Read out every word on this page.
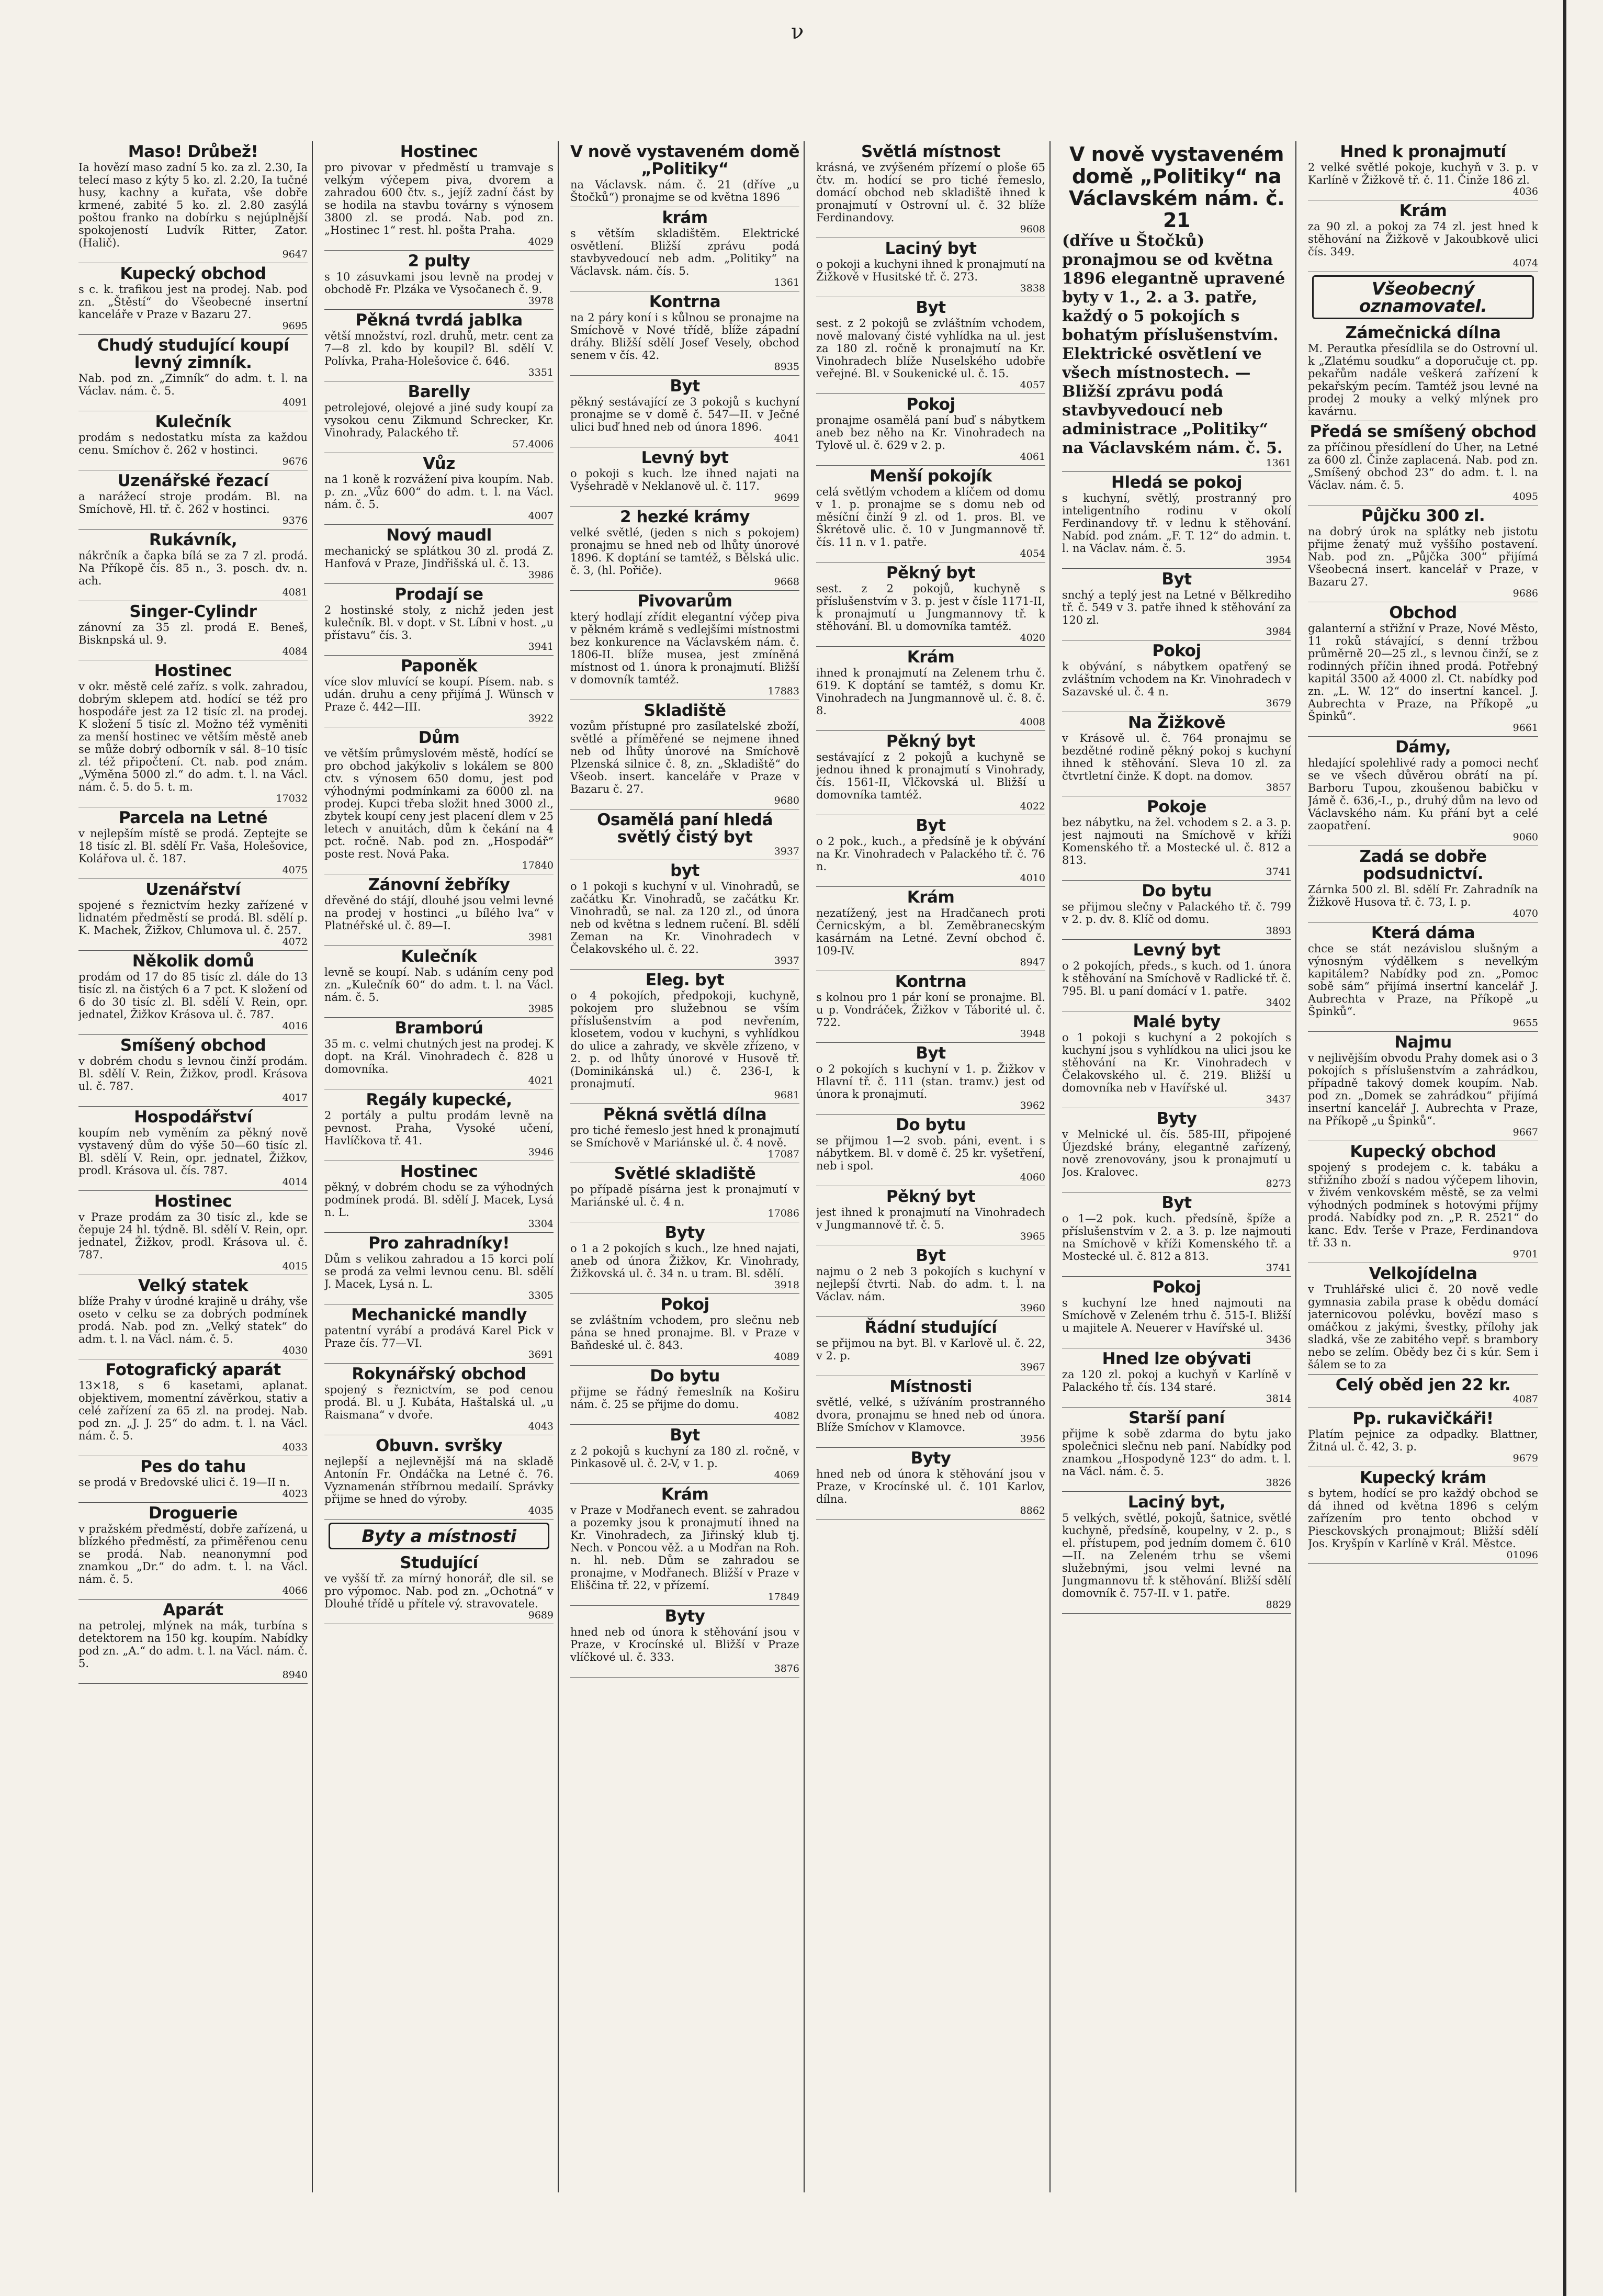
ν
Maso! Drůbež!

Ia hovězí maso zadní 5 ko. za zl. 2.30, Ia telecí maso z kýty 5 ko. zl. 2.20, Ia tučné husy, kachny a kuřata, vše dobře krmené, zabité 5 ko. zl. 2.80 zasýlá poštou franko na dobírku s nejúplnější spokojeností Ludvík Ritter, Zator. (Halič).

9647
Kupecký obchod

s c. k. trafikou jest na prodej. Nab. pod zn. „Štěstí“ do Všeobecné insertní kanceláře v Praze v Bazaru 27.

9695
Chudý studující koupí levný zimník.

Nab. pod zn. „Zimník“ do adm. t. l. na Václav. nám. č. 5.

4091
Kulečník

prodám s nedostatku místa za každou cenu. Smíchov č. 262 v hostinci.

9676
Uzenářské řezací

a narážecí stroje prodám. Bl. na Smíchově, Hl. tř. č. 262 v hostinci.

9376
Rukávník,

nákrčník a čapka bílá se za 7 zl. prodá. Na Příkopě čís. 85 n., 3. posch. dv. n. ach.

4081
Singer-Cylindr

zánovní za 35 zl. prodá E. Beneš, Bisknpská ul. 9.

4084
Hostinec

v okr. městě celé zaříz. s volk. zahradou, dobrým sklepem atd. hodící se též pro hospodáře jest za 12 tisíc zl. na prodej. K složení 5 tisíc zl. Možno též vyměniti za menší hostinec ve větším městě aneb se může dobrý odborník v sál. 8–10 tisíc zl. též připočtení. Ct. nab. pod znám. „Výměna 5000 zl.“ do adm. t. l. na Václ. nám. č. 5. do 5. t. m.

17032
Parcela na Letné

v nejlepším místě se prodá. Zeptejte se 18 tisíc zl. Bl. sdělí Fr. Vaša, Holešovice, Kolářova ul. č. 187.

4075
Uzenářství

spojené s řeznictvím hezky zařízené v lidnatém předměstí se prodá. Bl. sdělí p. K. Machek, Žižkov, Chlumova ul. č. 257.

4072
Několik domů

prodám od 17 do 85 tisíc zl. dále do 13 tisíc zl. na čistých 6 a 7 pct. K složení od 6 do 30 tisíc zl. Bl. sdělí V. Rein, opr. jednatel, Žižkov Krásova ul. č. 787.

4016
Smíšený obchod

v dobrém chodu s levnou činží prodám. Bl. sdělí V. Rein, Žižkov, prodl. Krásova ul. č. 787.

4017
Hospodářství

koupím neb vyměním za pěkný nově vystavený dům do výše 50—60 tisíc zl. Bl. sdělí V. Rein, opr. jednatel, Žižkov, prodl. Krásova ul. čís. 787.

4014
Hostinec

v Praze prodám za 30 tisíc zl., kde se čepuje 24 hl. týdně. Bl. sdělí V. Rein, opr. jednatel, Žižkov, prodl. Krásova ul. č. 787.

4015
Velký statek

blíže Prahy v úrodné krajině u dráhy, vše oseto v celku se za dobrých podmínek prodá. Nab. pod zn. „Velký statek“ do adm. t. l. na Václ. nám. č. 5.

4030
Fotografický aparát

13×18, s 6 kasetami, aplanat. objektivem, momentní závěrkou, stativ a celé zařízení za 65 zl. na prodej. Nab. pod zn. „J. J. 25“ do adm. t. l. na Václ. nám. č. 5.

4033
Pes do tahu

se prodá v Bredovské ulici č. 19—II n.

4023
Droguerie

v pražském předměstí, dobře zařízená, u blízkého předměstí, za přiměřenou cenu se prodá. Nab. neanonymní pod znamkou „Dr.“ do adm. t. l. na Václ. nám. č. 5.

4066
Aparát

na petrolej, mlýnek na mák, turbína s detektorem na 150 kg. koupím. Nabídky pod zn. „A.“ do adm. t. l. na Václ. nám. č. 5.

8940
Hostinec

pro pivovar v předměstí u tramvaje s velkým výčepem piva, dvorem a zahradou 600 čtv. s., jejíž zadní část by se hodila na stavbu továrny s výnosem 3800 zl. se prodá. Nab. pod zn. „Hostinec 1“ rest. hl. pošta Praha.

4029
2 pulty

s 10 zásuvkami jsou levně na prodej v obchodě Fr. Plzáka ve Vysočanech č. 9.

3978
Pěkná tvrdá jablka

větší množství, rozl. druhů, metr. cent za 7—8 zl. kdo by koupil? Bl. sdělí V. Polívka, Praha-Holešovice č. 646.

3351
Barelly

petrolejové, olejové a jiné sudy koupí za vysokou cenu Zikmund Schrecker, Kr. Vinohrady, Palackého tř.

57.4006
Vůz

na 1 koně k rozvážení piva koupím. Nab. p. zn. „Vůz 600“ do adm. t. l. na Václ. nám. č. 5.

4007
Nový maudl

mechanický se splátkou 30 zl. prodá Z. Hanfová v Praze, Jindřišská ul. č. 13.

3986
Prodají se

2 hostinské stoly, z nichž jeden jest kulečník. Bl. v dopt. v St. Líbni v host. „u přístavu“ čís. 3.

3941
Paponěk

více slov mluvící se koupí. Písem. nab. s udán. druhu a ceny přijímá J. Wünsch v Praze č. 442—III.

3922
Dům

ve větším průmyslovém městě, hodící se pro obchod jakýkoliv s lokálem se 800 ctv. s výnosem 650 domu, jest pod výhodnými podmínkami za 6000 zl. na prodej. Kupci třeba složit hned 3000 zl., zbytek koupí ceny jest placení dlem v 25 letech v anuitách, dům k čekání na 4 pct. ročně. Nab. pod zn. „Hospodář“ poste rest. Nová Paka.

17840
Zánovní žebříky

dřevěné do stájí, dlouhé jsou velmi levné na prodej v hostinci „u bílého lva“ v Platnéřské ul. č. 89—I.

3981
Kulečník

levně se koupí. Nab. s udáním ceny pod zn. „Kulečník 60“ do adm. t. l. na Václ. nám. č. 5.

3985
Bramború

35 m. c. velmi chutných jest na prodej. K dopt. na Král. Vinohradech č. 828 u domovníka.

4021
Regály kupecké,

2 portály a pultu prodám levně na pevnost. Praha, Vysoké učení, Havlíčkova tř. 41.

3946
Hostinec

pěkný, v dobrém chodu se za výhodných podmínek prodá. Bl. sdělí J. Macek, Lysá n. L.

3304
Pro zahradníky!

Dům s velikou zahradou a 15 korci polí se prodá za velmi levnou cenu. Bl. sdělí J. Macek, Lysá n. L.

3305
Mechanické mandly

patentní vyrábí a prodává Karel Pick v Praze čís. 77—VI.

3691
Rokynářský obchod

spojený s řeznictvím, se pod cenou prodá. Bl. u J. Kubáta, Haštalská ul. „u Raismana“ v dvoře.

4043
Obuvn. svršky

nejlepší a nejlevnější má na skladě Antonín Fr. Ondáčka na Letné č. 76. Vyznamenán stříbrnou medailí. Správky přijme se hned do výroby.

4035
Byty a místnosti
Studující

ve vyšší tř. za mírný honorář, dle sil. se pro výpomoc. Nab. pod zn. „Ochotná“ v Dlouhé třídě u přítele vý. stravovatele.

9689
V nově vystaveném domě „Politiky“

na Václavsk. nám. č. 21 (dříve „u Štočků“) pronajme se od května 1896

krám

s větším skladištěm. Elektrické osvětlení. Bližší zprávu podá stavbyvedoucí neb adm. „Politiky“ na Václavsk. nám. čís. 5.

1361
Kontrna

na 2 páry koní i s kůlnou se pronajme na Smíchově v Nové třídě, blíže západní dráhy. Bližší sdělí Josef Vesely, obchod senem v čís. 42.

8935
Byt

pěkný sestávající ze 3 pokojů s kuchyní pronajme se v domě č. 547—II. v Ječné ulici buď hned neb od února 1896.

4041
Levný byt

o pokoji s kuch. lze ihned najati na Vyšehradě v Neklanově ul. č. 117.

9699
2 hezké krámy

velké světlé, (jeden s nich s pokojem) pronajmu se hned neb od lhůty únorové 1896. K doptání se tamtéž, s Bělská ulic. č. 3, (hl. Pořiče).

9668
Pivovarům

který hodlají zřídit elegantní výčep piva v pěkném krámě s vedlejšími místnostmi bez konkurence na Václavském nám. č. 1806-II. blíže musea, jest zmíněná místnost od 1. února k pronajmutí. Bližší v domovník tamtéž.

17883
Skladiště

vozům přístupné pro zasílatelské zboží, světlé a příměřené se nejmene ihned neb od lhůty únorové na Smíchově Plzenská silnice č. 8, zn. „Skladiště“ do Všeob. insert. kanceláře v Praze v Bazaru č. 27.

9680
Osamělá paní hledá světlý čistý byt
3937
byt

o 1 pokoji s kuchyní v ul. Vinohradů, se začátku Kr. Vinohradů, se začátku Kr. Vinohradů, se nal. za 120 zl., od února neb od května s lednem ručení. Bl. sdělí Zeman na Kr. Vinohradech v Čelakovského ul. č. 22.

3937
Eleg. byt

o 4 pokojích, předpokoji, kuchyně, pokojem pro služebnou se vším příslušenstvím a pod nevřením, klosetem, vodou v kuchyni, s vyhlídkou do ulice a zahrady, ve skvěle zřízeno, v 2. p. od lhůty únorové v Husově tř. (Dominikánská ul.) č. 236-I, k pronajmutí.

9681
Pěkná světlá dílna

pro tiché řemeslo jest hned k pronajmutí se Smíchově v Mariánské ul. č. 4 nově.

17087
Světlé skladiště

po případě písárna jest k pronajmutí v Mariánské ul. č. 4 n.

17086
Byty

o 1 a 2 pokojích s kuch., lze hned najati, aneb od února Žižkov, Kr. Vinohrady, Žižkovská ul. č. 34 n. u tram. Bl. sdělí.

3918
Pokoj

se zvláštním vchodem, pro slečnu neb pána se hned pronajme. Bl. v Praze v Baňdeské ul. č. 843.

4089
Do bytu

přijme se řádný řemeslník na Koširu nám. č. 25 se přijme do domu.

4082
Byt

z 2 pokojů s kuchyní za 180 zl. ročně, v Pinkasově ul. č. 2-V, v 1. p.

4069
Krám

v Praze v Modřanech event. se zahradou a pozemky jsou k pronajmutí ihned na Kr. Vinohradech, za Jiřinský klub tj. Nech. v Poncou věž. a u Modřan na Roh. n. hl. neb. Dům se zahradou se pronajme, v Modřanech. Bližší v Praze v Eliščina tř. 22, v přízemí.

17849
Byty

hned neb od února k stěhování jsou v Praze, v Krocínské ul. Bližší v Praze vlíčkové ul. č. 333.

3876
Světlá místnost

krásná, ve zvýšeném přízemí o ploše 65 čtv. m. hodící se pro tiché řemeslo, domácí obchod neb skladiště ihned k pronajmutí v Ostrovní ul. č. 32 blíže Ferdinandovy.

9608
Laciný byt

o pokoji a kuchyni ihned k pronajmutí na Žižkově v Husitské tř. č. 273.

3838
Byt

sest. z 2 pokojů se zvláštním vchodem, nově malovaný čisté vyhlídka na ul. jest za 180 zl. ročně k pronajmutí na Kr. Vinohradech blíže Nuselského udobře veřejné. Bl. v Soukenické ul. č. 15.

4057
Pokoj

pronajme osamělá paní buď s nábytkem aneb bez něho na Kr. Vinohradech na Tylově ul. č. 629 v 2. p.

4061
Menší pokojík

celá světlým vchodem a klíčem od domu v 1. p. pronajme se s domu neb od měsíční činží 9 zl. od 1. pros. Bl. ve Škrétově ulic. č. 10 v Jungmannově tř. čís. 11 n. v 1. patře.

4054
Pěkný byt

sest. z 2 pokojů, kuchyně s příslušenstvím v 3. p. jest v čísle 1171-II, k pronajmutí u Jungmannovy tř. k stěhování. Bl. u domovníka tamtéž.

4020
Krám

ihned k pronajmutí na Zelenem trhu č. 619. K doptání se tamtéž, s domu Kr. Vinohradech na Jungmannově ul. č. 8. č. 8.

4008
Pěkný byt

sestávající z 2 pokojů a kuchyně se jednou ihned k pronajmutí s Vinohrady, čís. 1561-II, Vlčkovská ul. Bližší u domovníka tamtéž.

4022
Byt

o 2 pok., kuch., a předsíně je k obývání na Kr. Vinohradech v Palackého tř. č. 76 n.

4010
Krám

nezatížený, jest na Hradčanech proti Černicským, a bl. Zeměbranecským kasárnám na Letné. Zevní obchod č. 109-IV.

8947
Kontrna

s kolnou pro 1 pár koní se pronajme. Bl. u p. Vondráček, Žižkov v Táborité ul. č. 722.

3948
Byt

o 2 pokojích s kuchyní v 1. p. Žižkov v Hlavní tř. č. 111 (stan. tramv.) jest od února k pronajmutí.

3962
Do bytu

se přijmou 1—2 svob. páni, event. i s nábytkem. Bl. v domě č. 25 kr. vyšetření, neb i spol.

4060
Pěkný byt

jest ihned k pronajmutí na Vinohradech v Jungmannově tř. č. 5.

3965
Byt

najmu o 2 neb 3 pokojích s kuchyní v nejlepší čtvrti. Nab. do adm. t. l. na Václav. nám.

3960
Řádní studující

se přijmou na byt. Bl. v Karlově ul. č. 22, v 2. p.

3967
Místnosti

světlé, velké, s užíváním prostranného dvora, pronajmu se hned neb od února. Blíže Smíchov v Klamovce.

3956
Byty

hned neb od února k stěhování jsou v Praze, v Krocínské ul. č. 101 Karlov, dílna.

8862
V nově vystaveném domě „Politiky“ na Václavském nám. č. 21

(dříve u Štočků) pronajmou se od května 1896 elegantně upravené byty v 1., 2. a 3. patře, každý o 5 pokojích s bohatým příslušenstvím. Elektrické osvětlení ve všech místnostech. — Bližší zprávu podá stavbyvedoucí neb administrace „Politiky“ na Václavském nám. č. 5.

1361
Hledá se pokoj

s kuchyní, světlý, prostranný pro inteligentního rodinu v okolí Ferdinandovy tř. v lednu k stěhování. Nabíd. pod znám. „F. T. 12“ do admin. t. l. na Václav. nám. č. 5.

3954
Byt

snchý a teplý jest na Letné v Bělkrediho tř. č. 549 v 3. patře ihned k stěhování za 120 zl.

3984
Pokoj

k obývání, s nábytkem opatřený se zvláštním vchodem na Kr. Vinohradech v Sazavské ul. č. 4 n.

3679
Na Žižkově

v Krásově ul. č. 764 pronajmu se bezdětné rodině pěkný pokoj s kuchyní ihned k stěhování. Sleva 10 zl. za čtvrtletní činže. K dopt. na domov.

3857
Pokoje

bez nábytku, na žel. vchodem s 2. a 3. p. jest najmouti na Smíchově v kříži Komenského tř. a Mostecké ul. č. 812 a 813.

3741
Do bytu

se přijmou slečny v Palackého tř. č. 799 v 2. p. dv. 8. Klíč od domu.

3893
Levný byt

o 2 pokojích, předs., s kuch. od 1. února k stěhování na Smíchově v Radlické tř. č. 795. Bl. u paní domácí v 1. patře.

3402
Malé byty

o 1 pokoji s kuchyní a 2 pokojích s kuchyní jsou s vyhlídkou na ulici jsou ke stěhování na Kr. Vinohradech v Čelakovského ul. č. 219. Bližší u domovníka neb v Havířské ul.

3437
Byty

v Melnické ul. čís. 585-III, připojené Újezdské brány, elegantně zařízený, nově zrenovovány, jsou k pronajmutí u Jos. Kralovec.

8273
Byt

o 1—2 pok. kuch. předsíně, špíže a příslušenstvím v 2. a 3. p. lze najmouti na Smíchově v kříži Komenského tř. a Mostecké ul. č. 812 a 813.

3741
Pokoj

s kuchyní lze hned najmouti na Smíchově v Zeleném trhu č. 515-I. Bližší u majitele A. Neuerer v Havířské ul.

3436
Hned lze obývati

za 120 zl. pokoj a kuchyň v Karlíně v Palackého tř. čís. 134 staré.

3814
Starší paní

přijme k sobě zdarma do bytu jako společnici slečnu neb paní. Nabídky pod znamkou „Hospodyně 123“ do adm. t. l. na Václ. nám. č. 5.

3826
Laciný byt,

5 velkých, světlé, pokojů, šatnice, světlé kuchyně, předsíně, koupelny, v 2. p., s el. přístupem, pod jedním domem č. 610—II. na Zeleném trhu se všemi služebnými, jsou velmi levné na Jungmannovu tř. k stěhování. Bližší sdělí domovník č. 757-II. v 1. patře.

8829
Hned k pronajmutí

2 velké světlé pokoje, kuchyň v 3. p. v Karlíně v Žižkově tř. č. 11. Činže 186 zl.

4036
Krám

za 90 zl. a pokoj za 74 zl. jest hned k stěhování na Žižkově v Jakoubkově ulici čís. 349.

4074
Všeobecný oznamovatel.
Zámečnická dílna

M. Perautka přesídlila se do Ostrovní ul. k „Zlatému soudku“ a doporučuje ct. pp. pekařům nadále veškerá zařízení k pekařským pecím. Tamtéž jsou levné na prodej 2 mouky a velký mlýnek pro kavárnu.

Předá se smíšený obchod

za příčinou přesídlení do Uher, na Letné za 600 zl. Činže zaplacená. Nab. pod zn. „Smíšený obchod 23“ do adm. t. l. na Václav. nám. č. 5.

4095
Půjčku 300 zl.

na dobrý úrok na splátky neb jistotu přijme ženatý muž vyššího postavení. Nab. pod zn. „Půjčka 300“ přijímá Všeobecná insert. kancelář v Praze, v Bazaru 27.

9686
Obchod

galanterní a střižní v Praze, Nové Město, 11 roků stávající, s denní tržbou průměrně 20—25 zl., s levnou činží, se z rodinných příčin ihned prodá. Potřebný kapitál 3500 až 4000 zl. Ct. nabídky pod zn. „L. W. 12“ do insertní kancel. J. Aubrechta v Praze, na Příkopě „u Špinků“.

9661
Dámy,

hledající spolehlivé rady a pomoci nechť se ve všech důvěrou obrátí na pí. Barboru Tupou, zkoušenou babičku v Jámě č. 636,-I., p., druhý dům na levo od Václavského nám. Ku přání byt a celé zaopatření.

9060
Zadá se dobře podsudnictví.

Zárnka 500 zl. Bl. sdělí Fr. Zahradník na Žižkově Husova tř. č. 73, I. p.

4070
Která dáma

chce se stát nezávislou slušným a výnosným výdělkem s nevelkým kapitálem? Nabídky pod zn. „Pomoc sobě sám“ přijímá insertní kancelář J. Aubrechta v Praze, na Příkopě „u Špinků“.

9655
Najmu

v nejlivějším obvodu Prahy domek asi o 3 pokojích s příslušenstvím a zahrádkou, případně takový domek koupím. Nab. pod zn. „Domek se zahrádkou“ přijímá insertní kancelář J. Aubrechta v Praze, na Příkopě „u Špinků“.

9667
Kupecký obchod

spojený s prodejem c. k. tabáku a střižního zboží s nadou výčepem lihovin, v živém venkovském městě, se za velmi výhodných podmínek s hotovými příjmy prodá. Nabídky pod zn. „P. R. 2521“ do kanc. Edv. Terše v Praze, Ferdinandova tř. 33 n.

9701
Velkojídelna

v Truhlářské ulici č. 20 nově vedle gymnasia zabila prase k obědu domácí jaternicovou polévku, bovězí maso s omáčkou z jakými, švestky, přílohy jak sladká, vše ze zabitého vepř. s brambory nebo se zelím. Obědy bez či s kúr. Sem i šálem se to za

Celý oběd jen 22 kr.
4087
Pp. rukavičkáři!

Platím pejnice za odpadky. Blattner, Žitná ul. č. 42, 3. p.

9679
Kupecký krám

s bytem, hodící se pro každý obchod se dá ihned od května 1896 s celým zařízením pro tento obchod v Piesckovských pronajmout; Bližší sdělí Jos. Kryšpín v Karlíně v Král. Městce.

01096
